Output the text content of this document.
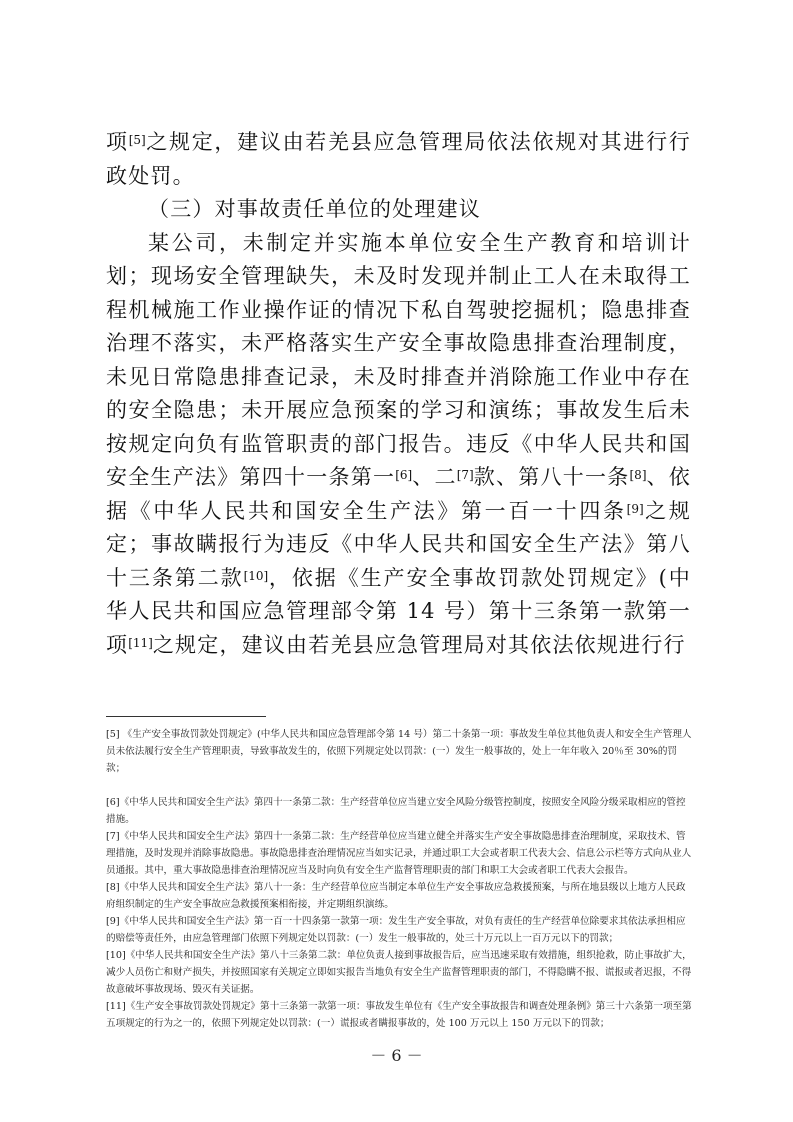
项[5]之规定，建议由若羌县应急管理局依法依规对其进行行政处罚。

（三）对事故责任单位的处理建议

某公司，未制定并实施本单位安全生产教育和培训计划；现场安全管理缺失，未及时发现并制止工人在未取得工程机械施工作业操作证的情况下私自驾驶挖掘机；隐患排查治理不落实，未严格落实生产安全事故隐患排查治理制度，未见日常隐患排查记录，未及时排查并消除施工作业中存在的安全隐患；未开展应急预案的学习和演练；事故发生后未按规定向负有监管职责的部门报告。违反《中华人民共和国安全生产法》第四十一条第一[6]、二[7]款、第八十一条[8]、依据《中华人民共和国安全生产法》第一百一十四条[9]之规定；事故瞒报行为违反《中华人民共和国安全生产法》第八十三条第二款[10]，依据《生产安全事故罚款处罚规定》(中华人民共和国应急管理部令第 14 号）第十三条第一款第一项[11]之规定，建议由若羌县应急管理局对其依法依规进行行

[5] 《生产安全事故罚款处罚规定》(中华人民共和国应急管理部令第 14 号）第二十条第一项：事故发生单位其他负责人和安全生产管理人员未依法履行安全生产管理职责，导致事故发生的，依照下列规定处以罚款：(一）发生一般事故的，处上一年年收入 20％至 30%的罚款；

[6]《中华人民共和国安全生产法》第四十一条第二款：生产经营单位应当建立安全风险分级管控制度，按照安全风险分级采取相应的管控措施。

[7]《中华人民共和国安全生产法》第四十一条第二款：生产经营单位应当建立健全并落实生产安全事故隐患排查治理制度，采取技术、管理措施，及时发现并消除事故隐患。事故隐患排查治理情况应当如实记录，并通过职工大会或者职工代表大会、信息公示栏等方式向从业人员通报。其中，重大事故隐患排查治理情况应当及时向负有安全生产监督管理职责的部门和职工大会或者职工代表大会报告。

[8]《中华人民共和国安全生产法》第八十一条：生产经营单位应当制定本单位生产安全事故应急救援预案，与所在地县级以上地方人民政府组织制定的生产安全事故应急救援预案相衔接，并定期组织演练。

[9]《中华人民共和国安全生产法》第一百一十四条第一款第一项：发生生产安全事故，对负有责任的生产经营单位除要求其依法承担相应的赔偿等责任外，由应急管理部门依照下列规定处以罚款：(一）发生一般事故的，处三十万元以上一百万元以下的罚款；

[10]《中华人民共和国安全生产法》第八十三条第二款：单位负责人接到事故报告后，应当迅速采取有效措施，组织抢救，防止事故扩大，减少人员伤亡和财产损失，并按照国家有关规定立即如实报告当地负有安全生产监督管理职责的部门，不得隐瞒不报、谎报或者迟报，不得故意破坏事故现场、毁灭有关证据。

[11]《生产安全事故罚款处罚规定》第十三条第一款第一项：事故发生单位有《生产安全事故报告和调查处理条例》第三十六条第一项至第五项规定的行为之一的，依照下列规定处以罚款：(一）谎报或者瞒报事故的，处 100 万元以上 150 万元以下的罚款；

－ 6 －
